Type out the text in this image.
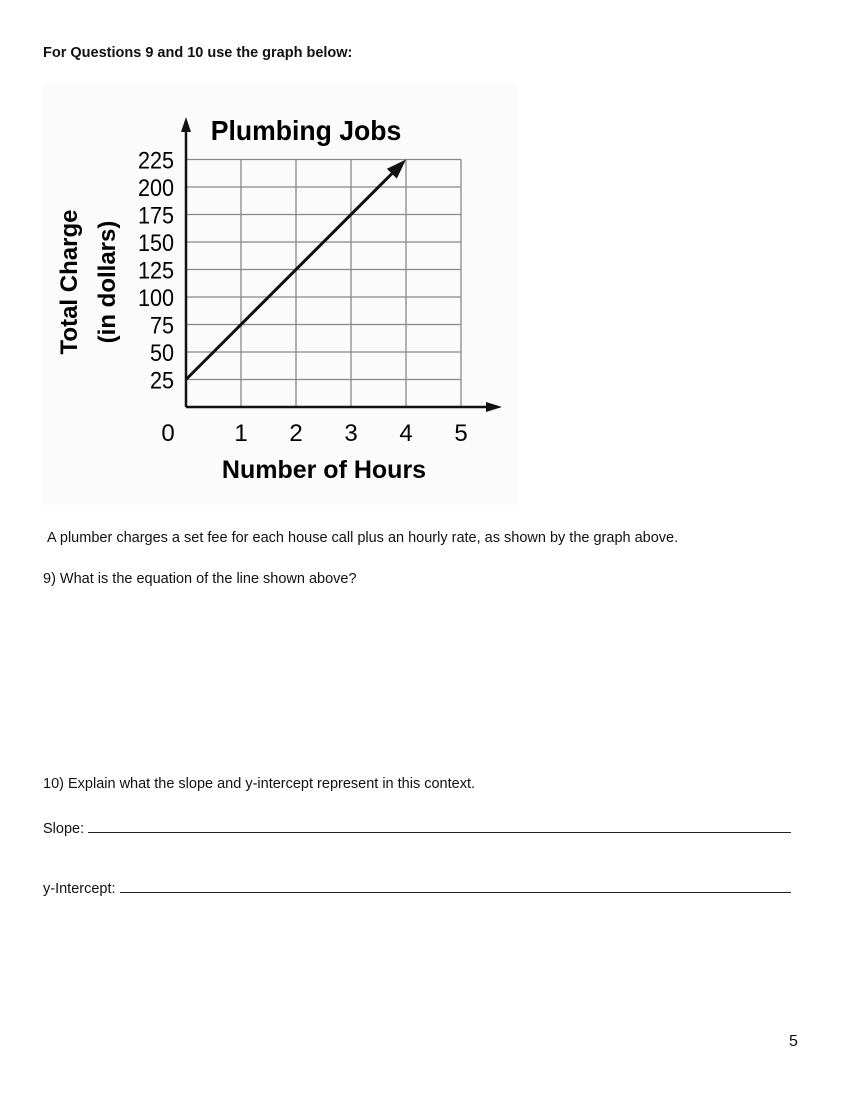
For Questions 9 and 10 use the graph below:
Plumbing Jobs
Number of Hours
Total Charge (in dollars)
0 1 2 3 4 5
25
50
75
100
125
150
175
200
225
A plumber charges a set fee for each house call plus an hourly rate, as shown by the graph above.
9) What is the equation of the line shown above?
10) Explain what the slope and y-intercept represent in this context.
Slope:
y-Intercept:
5
